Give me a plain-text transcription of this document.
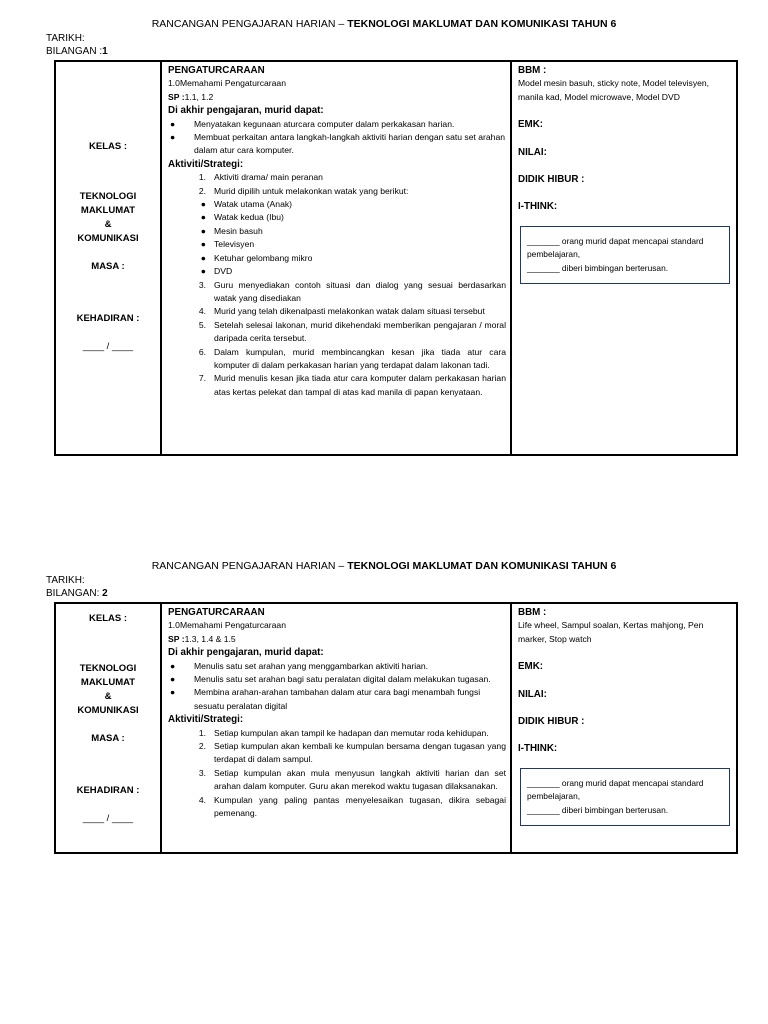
RANCANGAN PENGAJARAN HARIAN – TEKNOLOGI MAKLUMAT DAN KOMUNIKASI TAHUN 6
TARIKH:
BILANGAN :1
KELAS :
TEKNOLOGI
MAKLUMAT
&
KOMUNIKASI
MASA :
KEHADIRAN :
____ / ____

PENGATURCARAAN
1.0Memahami Pengaturcaraan
SP :1.1, 1.2
Di akhir pengajaran, murid dapat:
●	Menyatakan kegunaan aturcara computer dalam perkakasan harian.
●	Membuat perkaitan antara langkah-langkah aktiviti harian dengan satu set arahan dalam atur cara komputer.
Aktiviti/Strategi:
1. Aktiviti drama/ main peranan
2. Murid dipilih untuk melakonkan watak yang berikut:
● Watak utama (Anak)
● Watak kedua (Ibu)
● Mesin basuh
● Televisyen
● Ketuhar gelombang mikro
● DVD
3. Guru menyediakan contoh situasi dan dialog yang sesuai berdasarkan watak yang disediakan
4. Murid yang telah dikenalpasti melakonkan watak dalam situasi tersebut
5. Setelah selesai lakonan, murid dikehendaki memberikan pengajaran / moral daripada cerita tersebut.
6. Dalam kumpulan, murid membincangkan kesan jika tiada atur cara komputer di dalam perkakasan harian yang terdapat dalam lakonan tadi.
7. Murid menulis kesan jika tiada atur cara komputer dalam perkakasan harian atas kertas pelekat dan tampal di atas kad manila di papan kenyataan.

BBM :
Model mesin basuh, sticky note, Model televisyen, manila kad, Model microwave, Model DVD
EMK:
NILAI:
DIDIK HIBUR :
I-THINK:
_______ orang murid dapat mencapai standard pembelajaran,
_______ diberi bimbingan berterusan.
RANCANGAN PENGAJARAN HARIAN – TEKNOLOGI MAKLUMAT DAN KOMUNIKASI TAHUN 6
TARIKH:
BILANGAN: 2
KELAS :
TEKNOLOGI
MAKLUMAT
&
KOMUNIKASI
MASA :
KEHADIRAN :
____ / ____

PENGATURCARAAN
1.0Memahami Pengaturcaraan
SP :1.3, 1.4 & 1.5
Di akhir pengajaran, murid dapat:
●	Menulis satu set arahan yang menggambarkan aktiviti harian.
●	Menulis satu set arahan bagi satu peralatan digital dalam melakukan tugasan.
●	Membina arahan-arahan tambahan dalam atur cara bagi menambah fungsi sesuatu peralatan digital
Aktiviti/Strategi:
1. Setiap kumpulan akan tampil ke hadapan dan memutar roda kehidupan.
2. Setiap kumpulan akan kembali ke kumpulan bersama dengan tugasan yang terdapat di dalam sampul.
3. Setiap kumpulan akan mula menyusun langkah aktiviti harian dan set arahan dalam komputer. Guru akan merekod waktu tugasan dilaksanakan.
4. Kumpulan yang paling pantas menyelesaikan tugasan, dikira sebagai pemenang.

BBM :
Life wheel, Sampul soalan, Kertas mahjong, Pen marker, Stop watch
EMK:
NILAI:
DIDIK HIBUR :
I-THINK:
_______ orang murid dapat mencapai standard pembelajaran,
_______ diberi bimbingan berterusan.
